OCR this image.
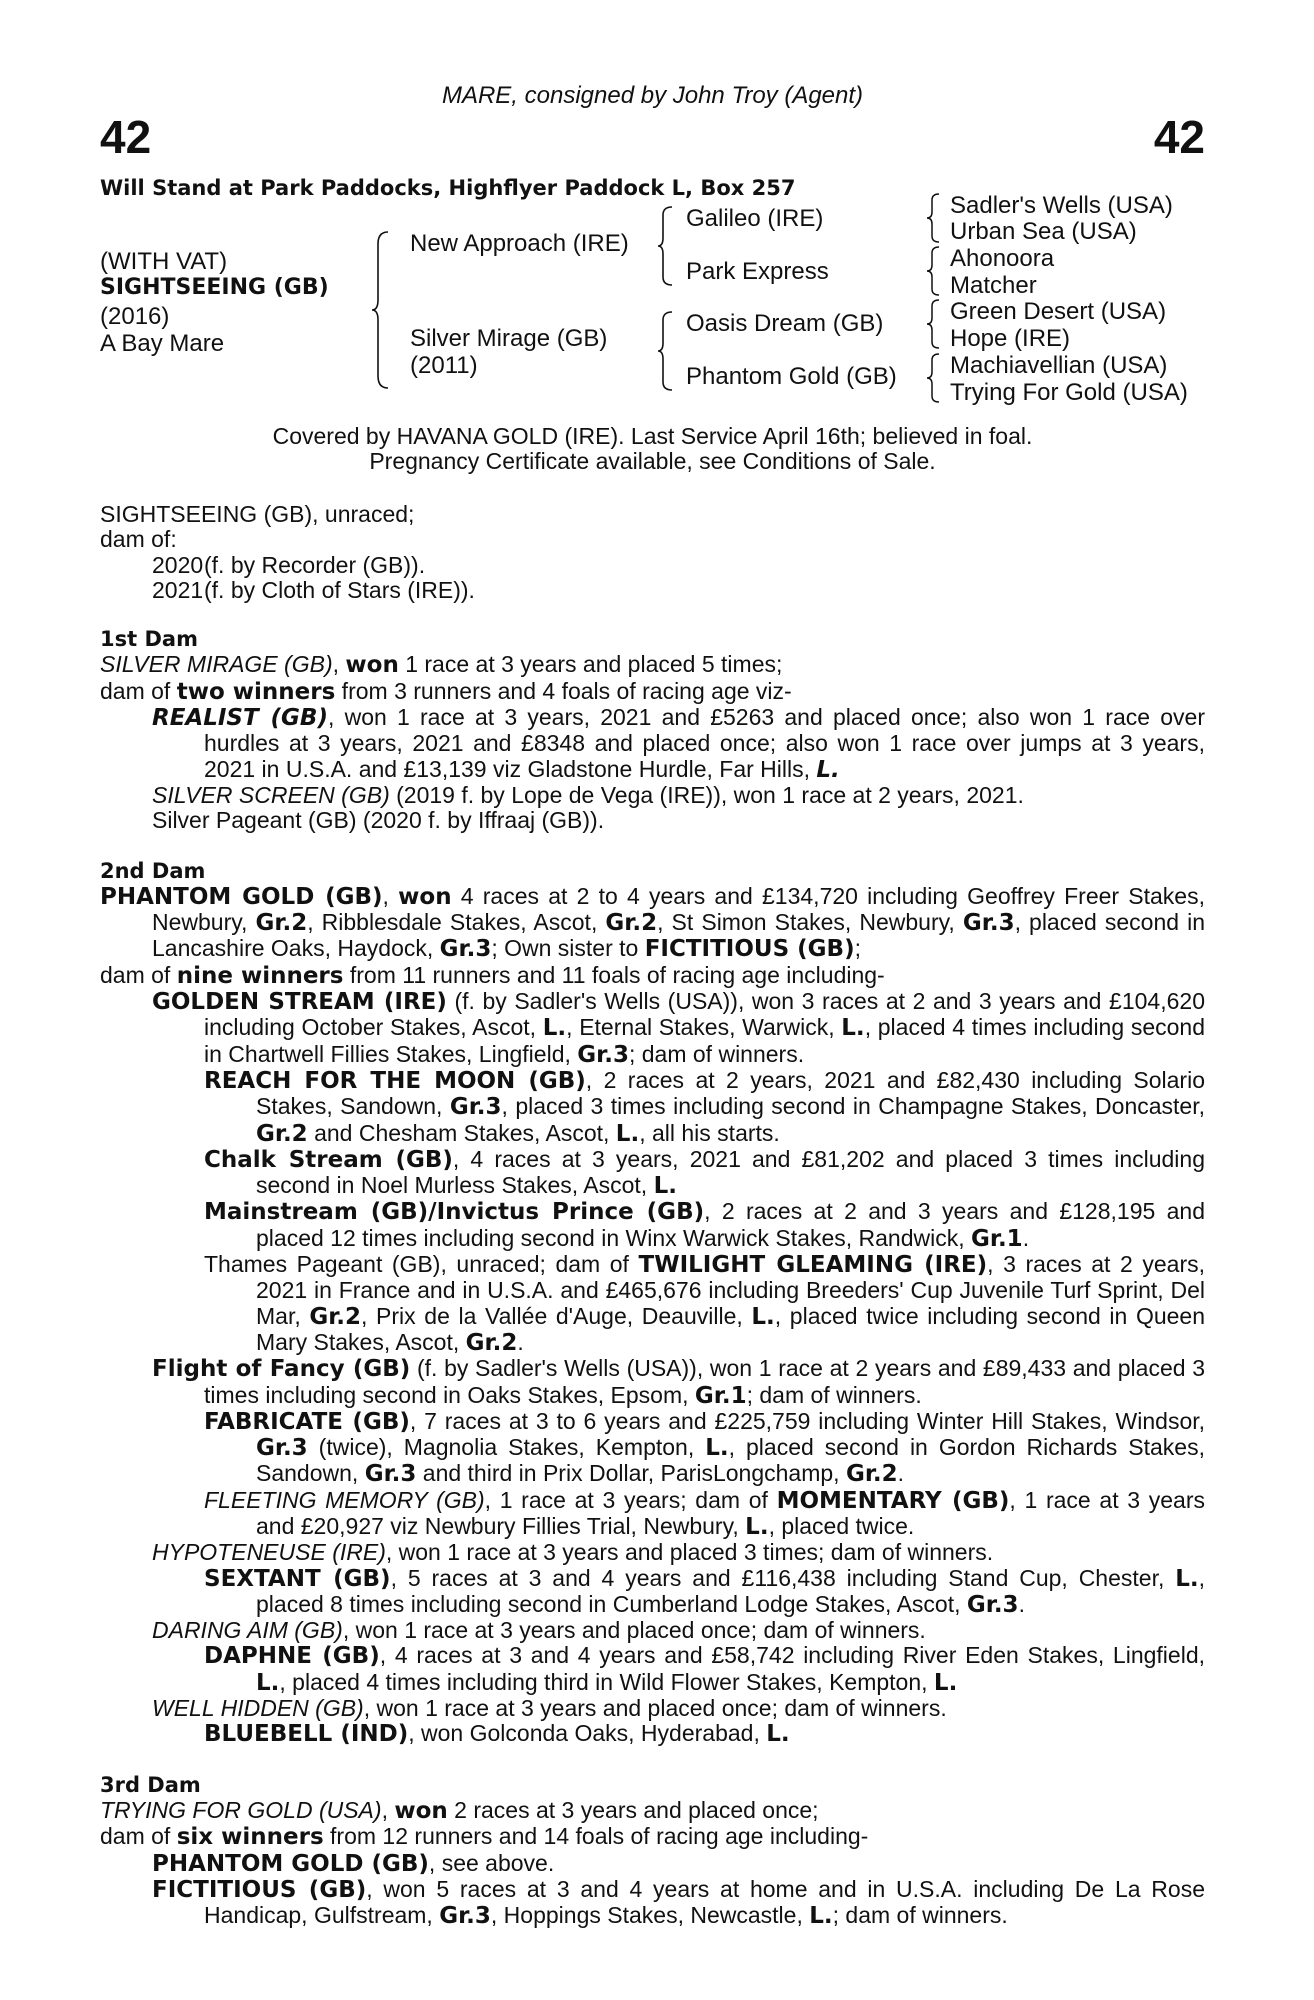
MARE, consigned by John Troy (Agent)
42	42
Will Stand at Park Paddocks, Highflyer Paddock L, Box 257
(WITH VAT)
SIGHTSEEING (GB)
(2016)
A Bay Mare
New Approach (IRE)
Silver Mirage (GB)
(2011)
Galileo (IRE)
Park Express
Oasis Dream (GB)
Phantom Gold (GB)
Sadler's Wells (USA)
Urban Sea (USA)
Ahonoora
Matcher
Green Desert (USA)
Hope (IRE)
Machiavellian (USA)
Trying For Gold (USA)
Covered by HAVANA GOLD (IRE). Last Service April 16th; believed in foal.
Pregnancy Certificate available, see Conditions of Sale.
SIGHTSEEING (GB), unraced;
dam of:
2020(f. by Recorder (GB)).
2021(f. by Cloth of Stars (IRE)).
1st Dam
SILVER MIRAGE (GB), won 1 race at 3 years and placed 5 times;
dam of two winners from 3 runners and 4 foals of racing age viz-
REALIST (GB), won 1 race at 3 years, 2021 and £5263 and placed once; also won 1 race over hurdles at 3 years, 2021 and £8348 and placed once; also won 1 race over jumps at 3 years, 2021 in U.S.A. and £13,139 viz Gladstone Hurdle, Far Hills, L.
SILVER SCREEN (GB) (2019 f. by Lope de Vega (IRE)), won 1 race at 2 years, 2021.
Silver Pageant (GB) (2020 f. by Iffraaj (GB)).
2nd Dam
PHANTOM GOLD (GB), won 4 races at 2 to 4 years and £134,720 including Geoffrey Freer Stakes, Newbury, Gr.2, Ribblesdale Stakes, Ascot, Gr.2, St Simon Stakes, Newbury, Gr.3, placed second in Lancashire Oaks, Haydock, Gr.3; Own sister to FICTITIOUS (GB);
dam of nine winners from 11 runners and 11 foals of racing age including-
GOLDEN STREAM (IRE) (f. by Sadler's Wells (USA)), won 3 races at 2 and 3 years and £104,620 including October Stakes, Ascot, L., Eternal Stakes, Warwick, L., placed 4 times including second in Chartwell Fillies Stakes, Lingfield, Gr.3; dam of winners.
REACH FOR THE MOON (GB), 2 races at 2 years, 2021 and £82,430 including Solario Stakes, Sandown, Gr.3, placed 3 times including second in Champagne Stakes, Doncaster, Gr.2 and Chesham Stakes, Ascot, L., all his starts.
Chalk Stream (GB), 4 races at 3 years, 2021 and £81,202 and placed 3 times including second in Noel Murless Stakes, Ascot, L.
Mainstream (GB)/Invictus Prince (GB), 2 races at 2 and 3 years and £128,195 and placed 12 times including second in Winx Warwick Stakes, Randwick, Gr.1.
Thames Pageant (GB), unraced; dam of TWILIGHT GLEAMING (IRE), 3 races at 2 years, 2021 in France and in U.S.A. and £465,676 including Breeders' Cup Juvenile Turf Sprint, Del Mar, Gr.2, Prix de la Vallée d'Auge, Deauville, L., placed twice including second in Queen Mary Stakes, Ascot, Gr.2.
Flight of Fancy (GB) (f. by Sadler's Wells (USA)), won 1 race at 2 years and £89,433 and placed 3 times including second in Oaks Stakes, Epsom, Gr.1; dam of winners.
FABRICATE (GB), 7 races at 3 to 6 years and £225,759 including Winter Hill Stakes, Windsor, Gr.3 (twice), Magnolia Stakes, Kempton, L., placed second in Gordon Richards Stakes, Sandown, Gr.3 and third in Prix Dollar, ParisLongchamp, Gr.2.
FLEETING MEMORY (GB), 1 race at 3 years; dam of MOMENTARY (GB), 1 race at 3 years and £20,927 viz Newbury Fillies Trial, Newbury, L., placed twice.
HYPOTENEUSE (IRE), won 1 race at 3 years and placed 3 times; dam of winners.
SEXTANT (GB), 5 races at 3 and 4 years and £116,438 including Stand Cup, Chester, L., placed 8 times including second in Cumberland Lodge Stakes, Ascot, Gr.3.
DARING AIM (GB), won 1 race at 3 years and placed once; dam of winners.
DAPHNE (GB), 4 races at 3 and 4 years and £58,742 including River Eden Stakes, Lingfield, L., placed 4 times including third in Wild Flower Stakes, Kempton, L.
WELL HIDDEN (GB), won 1 race at 3 years and placed once; dam of winners.
BLUEBELL (IND), won Golconda Oaks, Hyderabad, L.
3rd Dam
TRYING FOR GOLD (USA), won 2 races at 3 years and placed once;
dam of six winners from 12 runners and 14 foals of racing age including-
PHANTOM GOLD (GB), see above.
FICTITIOUS (GB), won 5 races at 3 and 4 years at home and in U.S.A. including De La Rose Handicap, Gulfstream, Gr.3, Hoppings Stakes, Newcastle, L.; dam of winners.
